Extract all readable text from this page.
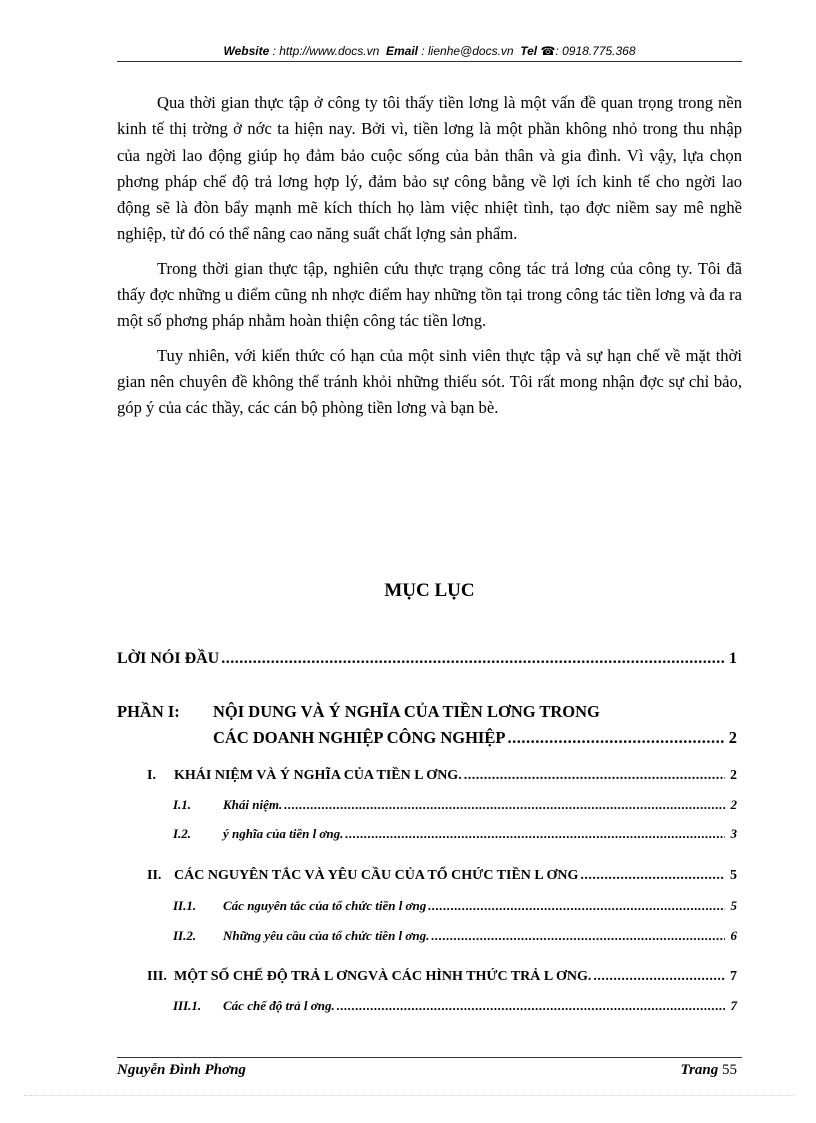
Website : http://www.docs.vn Email : lienhe@docs.vn Tel ☎: 0918.775.368

Qua thời gian thực tập ở công ty tôi thấy tiền lơng là một vấn đề quan trọng trong nền kinh tế thị trờng ở nớc ta hiện nay. Bởi vì, tiền lơng là một phần không nhỏ trong thu nhập của ngời lao động giúp họ đảm bảo cuộc sống của bản thân và gia đình. Vì vậy, lựa chọn phơng pháp chế độ trả lơng hợp lý, đảm bảo sự công bằng về lợi ích kinh tế cho ngời lao động sẽ là đòn bẩy mạnh mẽ kích thích họ làm việc nhiệt tình, tạo đợc niềm say mê nghề nghiệp, từ đó có thể nâng cao năng suất chất lợng sản phẩm.

Trong thời gian thực tập, nghiên cứu thực trạng công tác trả lơng của công ty. Tôi đã thấy đợc những u điểm cũng nh nhợc điểm hay những tồn tại trong công tác tiền lơng và đa ra một số phơng pháp nhằm hoàn thiện công tác tiền lơng.

Tuy nhiên, với kiến thức có hạn của một sinh viên thực tập và sự hạn chế về mặt thời gian nên chuyên đề không thể tránh khỏi những thiếu sót. Tôi rất mong nhận đợc sự chỉ bảo, góp ý của các thầy, các cán bộ phòng tiền lơng và bạn bè.

MỤC LỤC
LỜI NÓI ĐẦU .....	1
PHẦN I: NỘI DUNG VÀ Ý NGHĨA CỦA TIỀN LƠNG TRONG
CÁC DOANH NGHIỆP CÔNG NGHIỆP .....	2
I.	KHÁI NIỆM VÀ Ý NGHĨA CỦA TIỀN L ƠNG. .....	2
I.1.	Khái niệm. .....	2
I.2.	ý nghĩa của tiền l ơng. .....	3
II. CÁC NGUYÊN TẮC VÀ YÊU CẦU CỦA TỔ CHỨC TIỀN L ƠNG .....	5
II.1.	Các nguyên tắc của tổ chức tiền l ơng .....	5
II.2.	Những yêu cầu của tổ chức tiền l ơng. .....	6
III. MỘT SỐ CHẾ ĐỘ TRẢ L ƠNGVÀ CÁC HÌNH THỨC TRẢ L ƠNG. .....	7
III.1.	Các chế độ trả l ơng. .....	7
Nguyễn Đình Phơng	Trang 55
